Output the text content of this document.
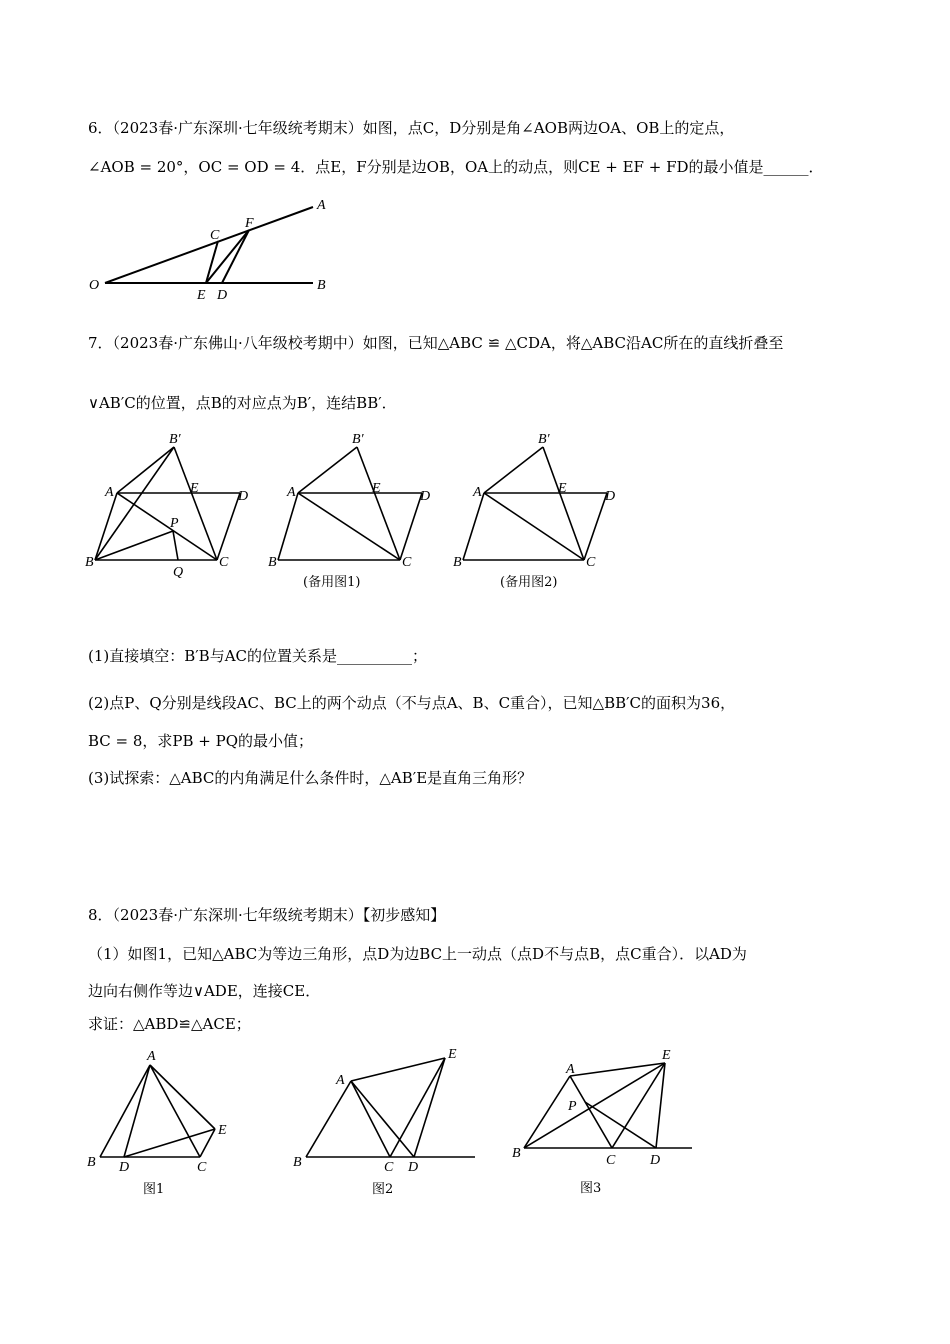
6．（2023春·广东深圳·七年级统考期末）如图，点C，D分别是角∠AOB两边OA、OB上的定点，
∠AOB = 20°，OC = OD = 4．点E，F分别是边OB，OA上的动点，则CE + EF + FD的最小值是______．
O
A
B
C
F
E D
7．（2023春·广东佛山·八年级校考期中）如图，已知△ABC ≌ △CDA，将△ABC沿AC所在的直线折叠至
∨AB′C的位置，点B的对应点为B′，连结BB′．
B′
A	E
D
P
B
Q
C
B′
A	E
D
B	C
(备用图1)
B′
A	E
D
B	C
(备用图2)
(1)直接填空：B′B与AC的位置关系是__________；
(2)点P、Q分别是线段AC、BC上的两个动点（不与点A、B、C重合），已知△BB′C的面积为36，
BC = 8，求PB + PQ的最小值；
(3)试探索：△ABC的内角满足什么条件时，△AB′E是直角三角形？
8．（2023春·广东深圳·七年级统考期末）【初步感知】
（1）如图1，已知△ABC为等边三角形，点D为边BC上一动点（点D不与点B，点C重合）．以AD为
边向右侧作等边∨ADE，连接CE．
求证：△ABD≌△ACE；
A
B D	C
E
图1
A
E
B	C D
图2
A
E
P
B	C D
图3
